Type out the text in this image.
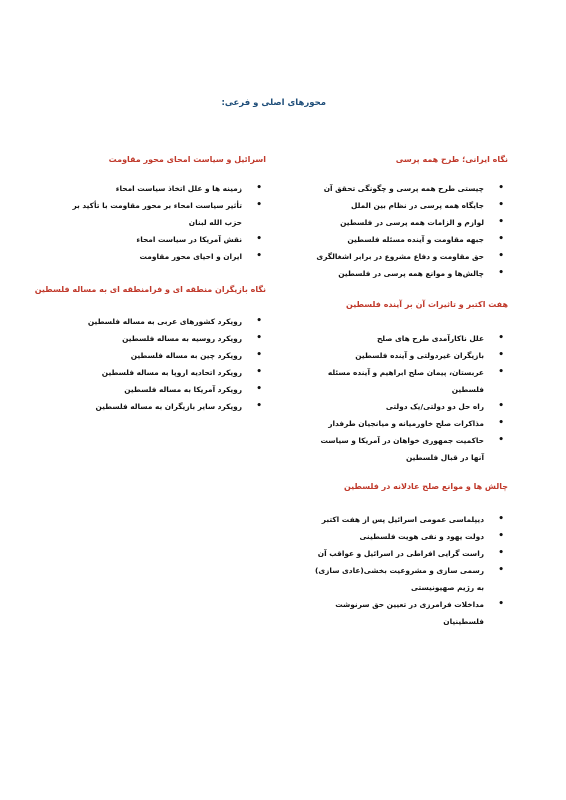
محورهای اصلی و فرعی:
نگاه ایرانی؛ طرح همه پرسی
•
چیستی طرح همه پرسی و چگونگی تحقق آن
•
جایگاه همه پرسی در نظام بین الملل
•
لوازم و الزامات همه پرسی در فلسطین
•
جبهه مقاومت و آینده مسئله فلسطین
•
حق مقاومت و دفاع مشروع در برابر اشغالگری
•
چالش‌ها و موانع همه پرسی در فلسطین
هفت اکتبر و تاثیرات آن بر آینده فلسطین
•
علل ناکارآمدی طرح های صلح
•
بازیگران غیردولتی و آینده فلسطین
•
عربستان، پیمان صلح ابراهیم و آینده مسئله فلسطین
•
راه حل دو دولتی/یک دولتی
•
مذاکرات صلح خاورمیانه و میانجیان طرفدار
•
حاکمیت جمهوری خواهان در آمریکا و سیاست آنها در قبال فلسطین
چالش ها و موانع صلح عادلانه در فلسطین
•
دیپلماسی عمومی اسرائیل پس از هفت اکتبر
•
دولت یهود و نفی هویت فلسطینی
•
راست گرایی افراطی در اسرائیل و عواقب آن
•
رسمی سازی و مشروعیت بخشی(عادی سازی) به رژیم صهیونیستی
•
مداخلات فرامرزی در تعیین حق سرنوشت فلسطینیان
اسرائیل و سیاست امحای محور مقاومت
•
زمینه ها و علل اتخاذ سیاست امحاء
•
تأثیر سیاست امحاء بر محور مقاومت با تأکید بر حزب الله لبنان
•
نقش آمریکا در سیاست امحاء
•
ایران و احیای محور مقاومت
نگاه بازیگران منطقه ای و فرامنطقه ای به مساله فلسطین
•
رویکرد کشورهای عربی به مساله فلسطین
•
رویکرد روسیه به مساله فلسطین
•
رویکرد چین به مساله فلسطین
•
رویکرد اتحادیه اروپا به مساله فلسطین
•
رویکرد آمریکا به مساله فلسطین
•
رویکرد سایر بازیگران به مساله فلسطین
